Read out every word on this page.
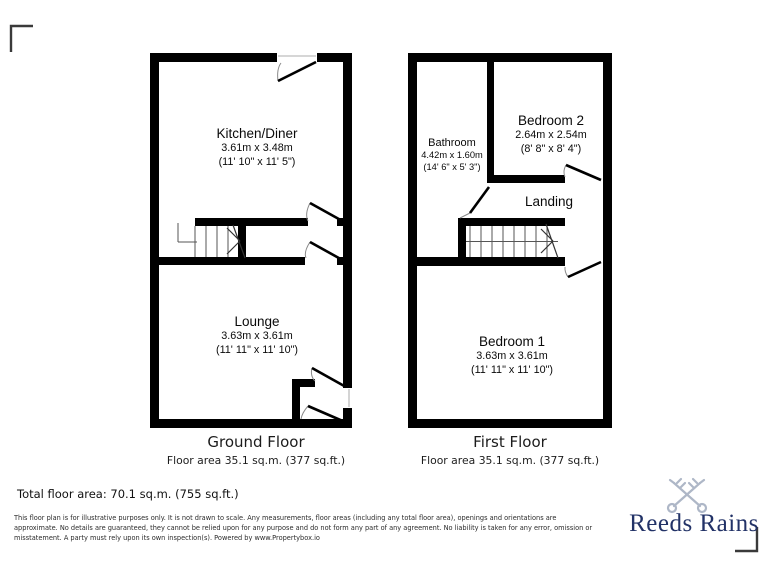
Kitchen/Diner
3.61m x 3.48m
(11' 10" x 11' 5")
Lounge
3.63m x 3.61m
(11' 11" x 11' 10")
Bathroom
4.42m x 1.60m
(14' 6" x 5' 3")
Bedroom 2
2.64m x 2.54m
(8' 8" x 8' 4")
Landing
Bedroom 1
3.63m x 3.61m
(11' 11" x 11' 10")
Ground Floor
Floor area 35.1 sq.m. (377 sq.ft.)
First Floor
Floor area 35.1 sq.m. (377 sq.ft.)
Total floor area: 70.1 sq.m. (755 sq.ft.)
This floor plan is for illustrative purposes only. It is not drawn to scale. Any measurements, floor areas (including any total floor area), openings and orientations are approximate. No details are guaranteed, they cannot be relied upon for any purpose and do not form any part of any agreement. No liability is taken for any error, omission or misstatement. A party must rely upon its own inspection(s). Powered by www.Propertybox.io
Reeds Rains
